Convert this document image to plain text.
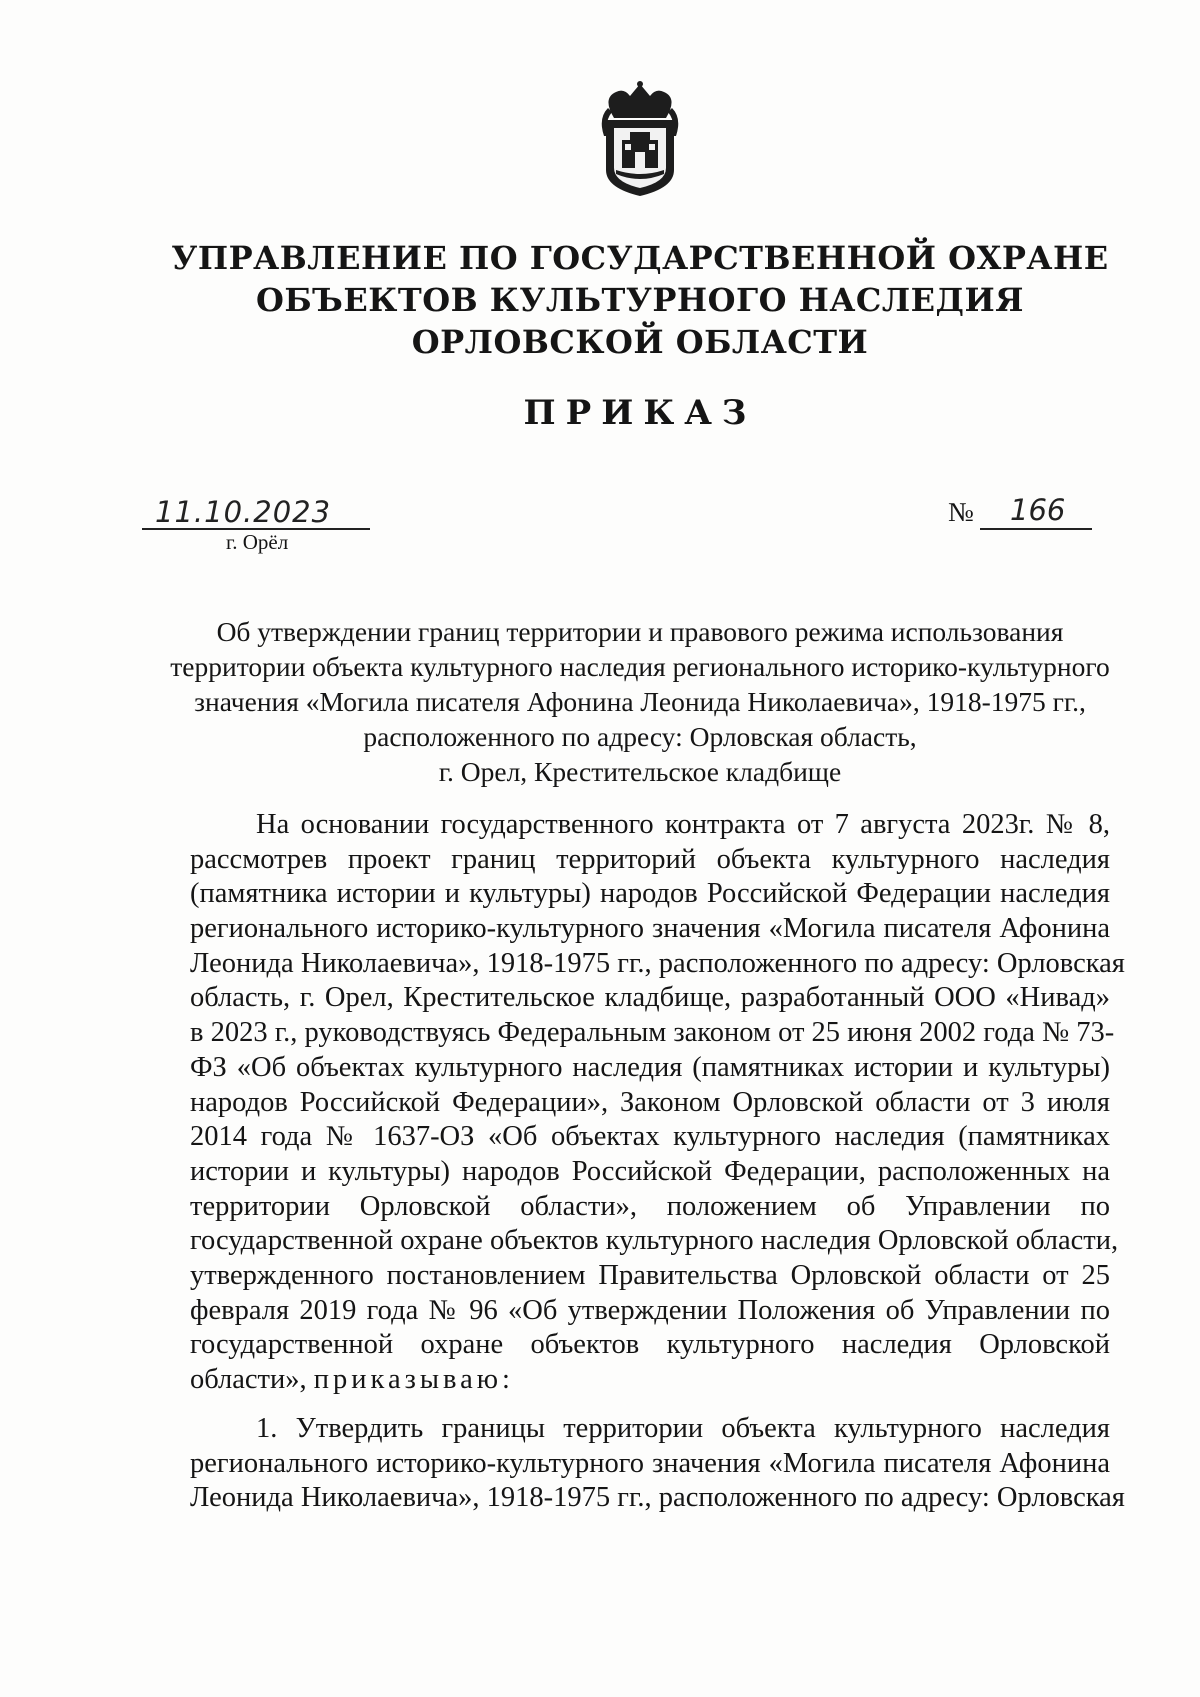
УПРАВЛЕНИЕ ПО ГОСУДАРСТВЕННОЙ ОХРАНЕ
ОБЪЕКТОВ КУЛЬТУРНОГО НАСЛЕДИЯ
ОРЛОВСКОЙ ОБЛАСТИ
ПРИКАЗ
11.10.2023
г. Орёл
№ 166
Об утверждении границ территории и правового режима использования
территории объекта культурного наследия регионального историко-культурного
значения «Могила писателя Афонина Леонида Николаевича», 1918-1975 гг.,
расположенного по адресу: Орловская область,
г. Орел, Крестительское кладбище
На основании государственного контракта от 7 августа 2023г. № 8,
рассмотрев проект границ территорий объекта культурного наследия
(памятника истории и культуры) народов Российской Федерации наследия
регионального историко-культурного значения «Могила писателя Афонина
Леонида Николаевича», 1918-1975 гг., расположенного по адресу: Орловская
область, г. Орел, Крестительское кладбище, разработанный ООО «Нивад»
в 2023 г., руководствуясь Федеральным законом от 25 июня 2002 года № 73-
ФЗ «Об объектах культурного наследия (памятниках истории и культуры)
народов Российской Федерации», Законом Орловской области от 3 июля
2014 года № 1637-ОЗ «Об объектах культурного наследия (памятниках
истории и культуры) народов Российской Федерации, расположенных на
территории Орловской области», положением об Управлении по
государственной охране объектов культурного наследия Орловской области,
утвержденного постановлением Правительства Орловской области от 25
февраля 2019 года № 96 «Об утверждении Положения об Управлении по
государственной охране объектов культурного наследия Орловской
области», приказываю:
1. Утвердить границы территории объекта культурного наследия
регионального историко-культурного значения «Могила писателя Афонина
Леонида Николаевича», 1918-1975 гг., расположенного по адресу: Орловская
